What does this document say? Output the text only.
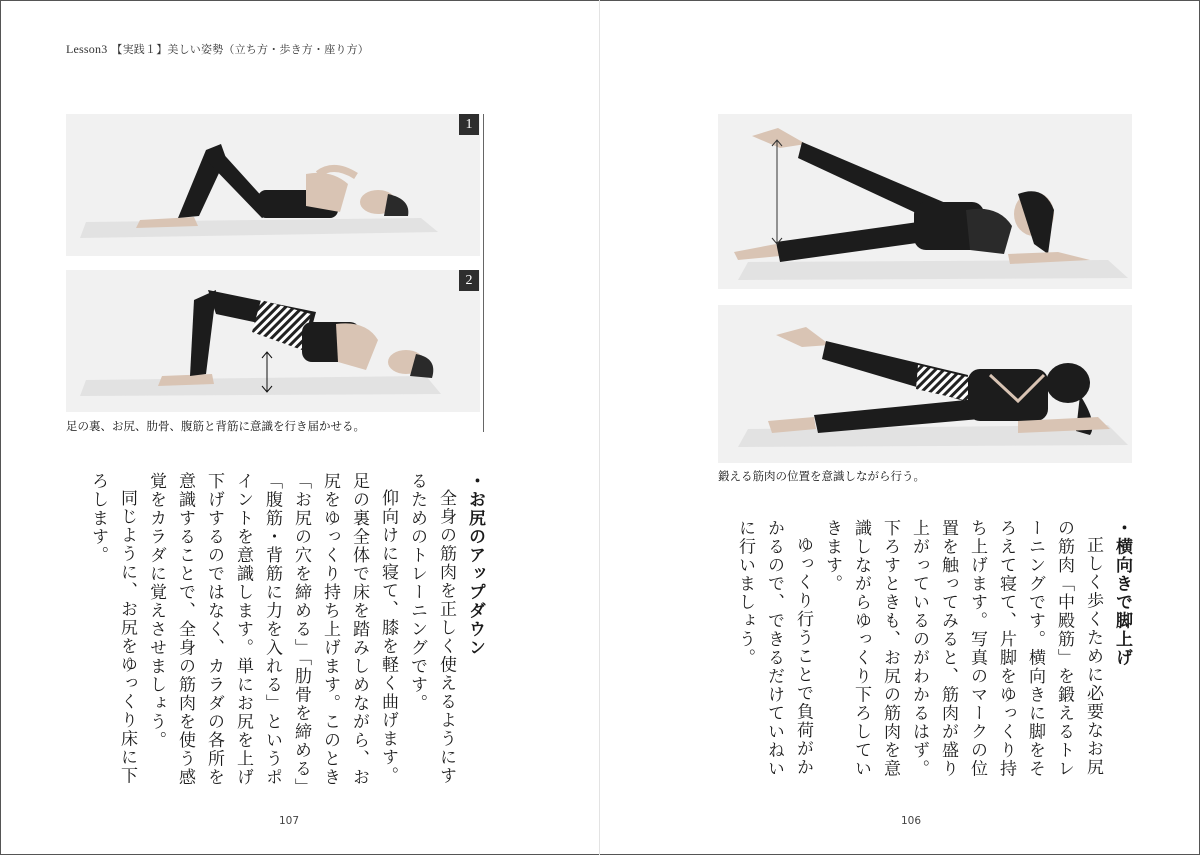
Lesson3 【実践１】美しい姿勢（立ち方・歩き方・座り方）
1
2
足の裏、お尻、肋骨、腹筋と背筋に意識を行き届かせる。
鍛える筋肉の位置を意識しながら行う。

・お尻のアップダウン

全身の筋肉を正しく使えるようにするためのトレーニングです。

仰向けに寝て、膝を軽く曲げます。足の裏全体で床を踏みしめながら、お尻をゆっくり持ち上げます。このとき「お尻の穴を締める」「肋骨を締める」「腹筋・背筋に力を入れる」というポイントを意識します。単にお尻を上げ下げするのではなく、カラダの各所を意識することで、全身の筋肉を使う感覚をカラダに覚えさせましょう。

同じように、お尻をゆっくり床に下ろします。

・横向きで脚上げ

正しく歩くために必要なお尻の筋肉「中殿筋」を鍛えるトレーニングです。横向きに脚をそろえて寝て、片脚をゆっくり持ち上げます。写真のマークの位置を触ってみると、筋肉が盛り上がっているのがわかるはず。下ろすときも、お尻の筋肉を意識しながらゆっくり下ろしていきます。

ゆっくり行うことで負荷がかかるので、できるだけていねいに行いましょう。

107	106
